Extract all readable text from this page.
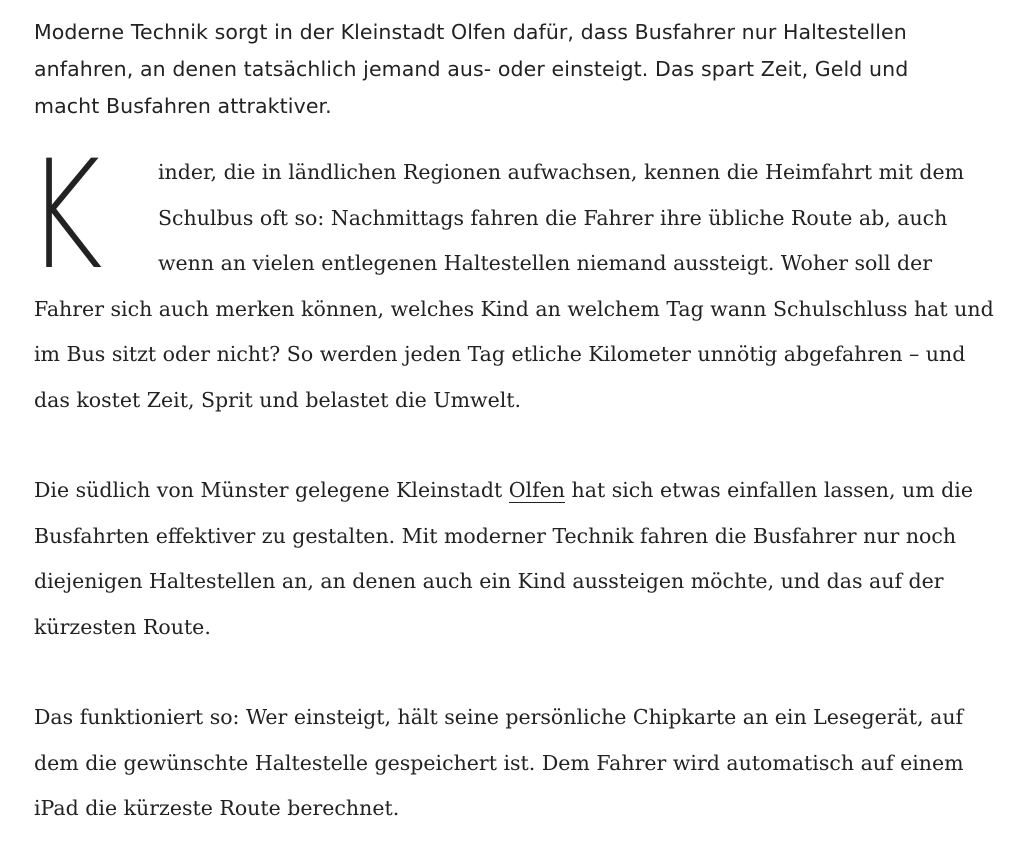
Moderne Technik sorgt in der Kleinstadt Olfen dafür, dass Busfahrer nur Haltestellen anfahren, an denen tatsächlich jemand aus- oder einsteigt. Das spart Zeit, Geld und macht Busfahren attraktiver.

K	inder, die in ländlichen Regionen aufwachsen, kennen die Heimfahrt mit dem Schulbus oft so: Nachmittags fahren die Fahrer ihre übliche Route ab, auch wenn an vielen entlegenen Haltestellen niemand aussteigt. Woher soll der Fahrer sich auch merken können, welches Kind an welchem Tag wann Schulschluss hat und im Bus sitzt oder nicht? So werden jeden Tag etliche Kilometer unnötig abgefahren – und das kostet Zeit, Sprit und belastet die Umwelt.

Die südlich von Münster gelegene Kleinstadt Olfen hat sich etwas einfallen lassen, um die Busfahrten effektiver zu gestalten. Mit moderner Technik fahren die Busfahrer nur noch diejenigen Haltestellen an, an denen auch ein Kind aussteigen möchte, und das auf der kürzesten Route.

Das funktioniert so: Wer einsteigt, hält seine persönliche Chipkarte an ein Lesegerät, auf dem die gewünschte Haltestelle gespeichert ist. Dem Fahrer wird automatisch auf einem iPad die kürzeste Route berechnet.
